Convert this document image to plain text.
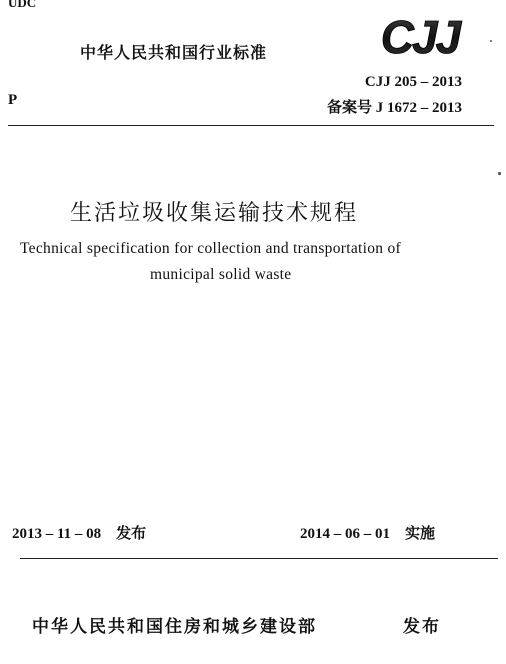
UDC
中华人民共和国行业标准 CJJ
CJJ 205 – 2013
备案号 J 1672 – 2013
P
生活垃圾收集运输技术规程
Technical specification for collection and transportation of
municipal solid waste
2013 – 11 – 08　发布	2014 – 06 – 01　实施
中华人民共和国住房和城乡建设部	发布
